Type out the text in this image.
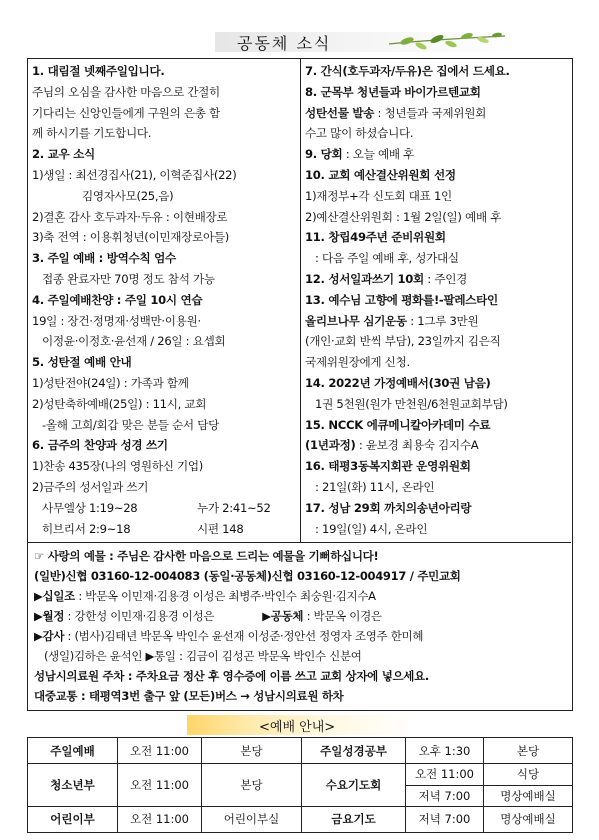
공동체 소식
1. 대림절 넷째주일입니다.
주님의 오심을 감사한 마음으로 간절히
기다리는 신앙인들에게 구원의 은총 함
께 하시기를 기도합니다.
2. 교우 소식
1)생일 : 최선경집사(21), 이혁준집사(22)
김영자사모(25,음)
2)결혼 감사 호두과자·두유 : 이현배장로
3)축 전역 : 이용휘청년(이민재장로아들)
3. 주일 예배 : 방역수칙 엄수
접종 완료자만 70명 정도 참석 가능
4. 주일예배찬양 : 주일 10시 연습
19일 : 장건·정명재·성백만·이용원·
이정윤·이정호·윤선재 / 26일 : 요셉회
5. 성탄절 예배 안내
1)성탄전야(24일) : 가족과 함께
2)성탄축하예배(25일) : 11시, 교회
-올해 고희/회갑 맞은 분들 순서 담당
6. 금주의 찬양과 성경 쓰기
1)찬송 435장(나의 영원하신 기업)
2)금주의 성서일과 쓰기
사무엘상 1:19~28	누가 2:41~52
히브리서 2:9~18	시편 148
7. 간식(호두과자/두유)은 집에서 드세요.
8. 군목부 청년들과 바이가르텐교회
성탄선물 발송 : 청년들과 국제위원회
수고 많이 하셨습니다.
9. 당회 : 오늘 예배 후
10. 교회 예산결산위원회 선정
1)재정부+각 신도회 대표 1인
2)예산결산위원회 : 1월 2일(일) 예배 후
11. 창립49주년 준비위원회
: 다음 주일 예배 후, 성가대실
12. 성서일과쓰기 10회 : 주인경
13. 예수님 고향에 평화를!-팔레스타인
올리브나무 심기운동 : 1그루 3만원
(개인·교회 반씩 부담), 23일까지 김은직
국제위원장에게 신청.
14. 2022년 가정예배서(30권 남음)
1권 5천원(원가 만천원/6천원교회부담)
15. NCCK 에큐메니칼아카데미 수료
(1년과정) : 윤보경 최용숙 김지수A
16. 태평3동복지회관 운영위원회
: 21일(화) 11시, 온라인
17. 성남 29회 까치의송년아리랑
: 19일(일) 4시, 온라인
☞ 사랑의 예물 : 주님은 감사한 마음으로 드리는 예물을 기뻐하십니다!
(일반)신협 03160-12-004083 (동일·공동체)신협 03160-12-004917 / 주민교회
▶십일조 : 박문옥 이민재·김용경 이성은 최병주·박인수 최숭원·김지수A
▶월정 : 강한성 이민재·김용경 이성은	▶공동체 : 박문옥 이경은
▶감사 : (범사)김태년 박문옥 박인수 윤선재 이성준·정안선 정영자 조영주 한미혜
(생일)김하은 윤석인 ▶통일 : 김금이 김성곤 박문옥 박인수 신분여
성남시의료원 주차 : 주차요금 정산 후 영수증에 이름 쓰고 교회 상자에 넣으세요.
대중교통 : 태평역3번 출구 앞 (모든)버스 → 성남시의료원 하차
<예배 안내>
주일예배	오전 11:00	본당	주일성경공부	오후 1:30	본당
청소년부	오전 11:00	본당	수요기도회	오전 11:00	식당
				저녁 7:00	명상예배실
어린이부	오전 11:00	어린이부실	금요기도	저녁 7:00	명상예배실
